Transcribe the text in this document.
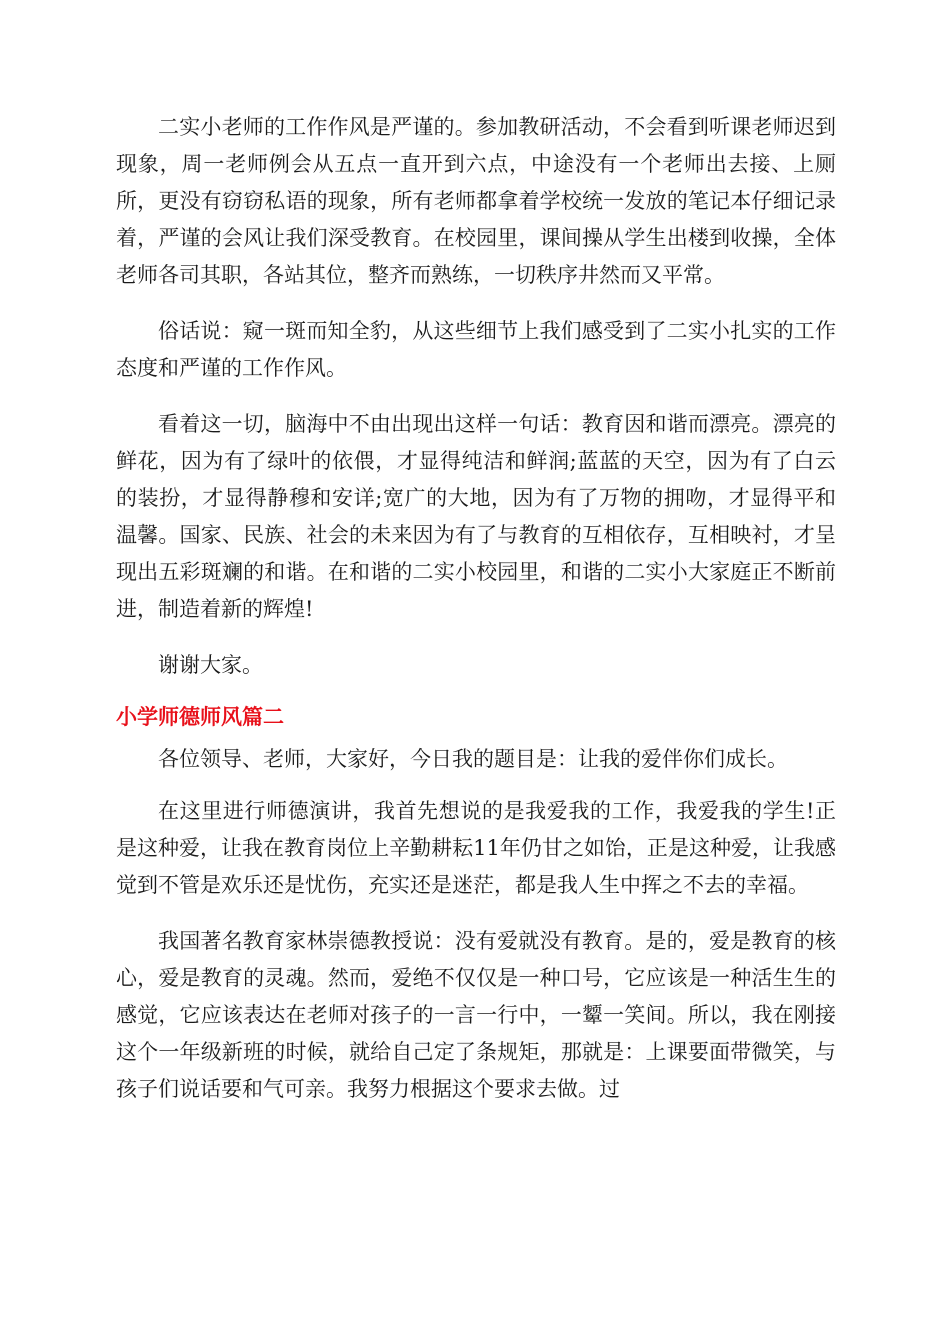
二实小老师的工作作风是严谨的。参加教研活动，不会看到听课老师迟到现象，周一老师例会从五点一直开到六点，中途没有一个老师出去接、上厕所，更没有窃窃私语的现象，所有老师都拿着学校统一发放的笔记本仔细记录着，严谨的会风让我们深受教育。在校园里，课间操从学生出楼到收操，全体老师各司其职，各站其位，整齐而熟练，一切秩序井然而又平常。

俗话说：窥一斑而知全豹，从这些细节上我们感受到了二实小扎实的工作态度和严谨的工作作风。

看着这一切，脑海中不由出现出这样一句话：教育因和谐而漂亮。漂亮的鲜花，因为有了绿叶的依偎，才显得纯洁和鲜润;蓝蓝的天空，因为有了白云的装扮，才显得静穆和安详;宽广的大地，因为有了万物的拥吻，才显得平和温馨。国家、民族、社会的未来因为有了与教育的互相依存，互相映衬，才呈现出五彩斑斓的和谐。在和谐的二实小校园里，和谐的二实小大家庭正不断前进，制造着新的辉煌!

谢谢大家。

小学师德师风篇二

各位领导、老师，大家好，今日我的题目是：让我的爱伴你们成长。

在这里进行师德演讲，我首先想说的是我爱我的工作，我爱我的学生!正是这种爱，让我在教育岗位上辛勤耕耘11年仍甘之如饴，正是这种爱，让我感觉到不管是欢乐还是忧伤，充实还是迷茫，都是我人生中挥之不去的幸福。

我国著名教育家林崇德教授说：没有爱就没有教育。是的，爱是教育的核心，爱是教育的灵魂。然而，爱绝不仅仅是一种口号，它应该是一种活生生的感觉，它应该表达在老师对孩子的一言一行中，一颦一笑间。所以，我在刚接这个一年级新班的时候，就给自己定了条规矩，那就是：上课要面带微笑，与孩子们说话要和气可亲。我努力根据这个要求去做。过
